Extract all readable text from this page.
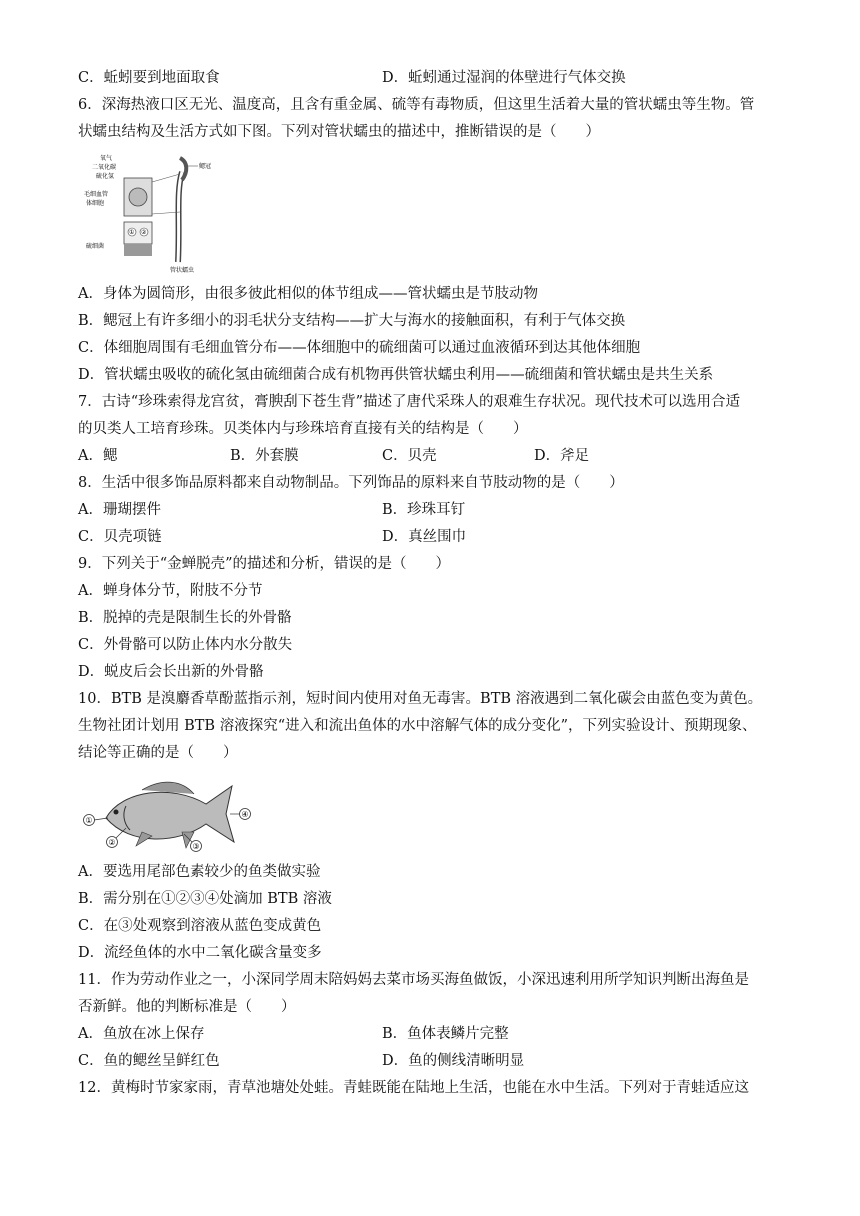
C．蚯蚓要到地面取食	D．蚯蚓通过湿润的体壁进行气体交换
6．深海热液口区无光、温度高，且含有重金属、硫等有毒物质，但这里生活着大量的管状蠕虫等生物。管
状蠕虫结构及生活方式如下图。下列对管状蠕虫的描述中，推断错误的是（　　）
氧气
二氧化碳
硫化氢
毛细血管
体细胞
硫细菌
鳃冠
管状蠕虫
① ②
A．身体为圆筒形，由很多彼此相似的体节组成——管状蠕虫是节肢动物
B．鳃冠上有许多细小的羽毛状分支结构——扩大与海水的接触面积，有利于气体交换
C．体细胞周围有毛细血管分布——体细胞中的硫细菌可以通过血液循环到达其他体细胞
D．管状蠕虫吸收的硫化氢由硫细菌合成有机物再供管状蠕虫利用——硫细菌和管状蠕虫是共生关系
7．古诗“珍珠索得龙宫贫，膏腴刮下苍生背”描述了唐代采珠人的艰难生存状况。现代技术可以选用合适
的贝类人工培育珍珠。贝类体内与珍珠培育直接有关的结构是（　　）
A．鳃	B．外套膜	C．贝壳	D．斧足
8．生活中很多饰品原料都来自动物制品。下列饰品的原料来自节肢动物的是（　　）
A．珊瑚摆件	B．珍珠耳钉
C．贝壳项链	D．真丝围巾
9．下列关于“金蝉脱壳”的描述和分析，错误的是（　　）
A．蝉身体分节，附肢不分节
B．脱掉的壳是限制生长的外骨骼
C．外骨骼可以防止体内水分散失
D．蜕皮后会长出新的外骨骼
10．BTB 是溴麝香草酚蓝指示剂，短时间内使用对鱼无毒害。BTB 溶液遇到二氧化碳会由蓝色变为黄色。
生物社团计划用 BTB 溶液探究“进入和流出鱼体的水中溶解气体的成分变化”，下列实验设计、预期现象、
结论等正确的是（　　）
①
②	③
④
A．要选用尾部色素较少的鱼类做实验
B．需分别在①②③④处滴加 BTB 溶液
C．在③处观察到溶液从蓝色变成黄色
D．流经鱼体的水中二氧化碳含量变多
11．作为劳动作业之一，小深同学周末陪妈妈去菜市场买海鱼做饭，小深迅速利用所学知识判断出海鱼是
否新鲜。他的判断标准是（　　）
A．鱼放在冰上保存	B．鱼体表鳞片完整
C．鱼的鳃丝呈鲜红色	D．鱼的侧线清晰明显
12．黄梅时节家家雨，青草池塘处处蛙。青蛙既能在陆地上生活，也能在水中生活。下列对于青蛙适应这
